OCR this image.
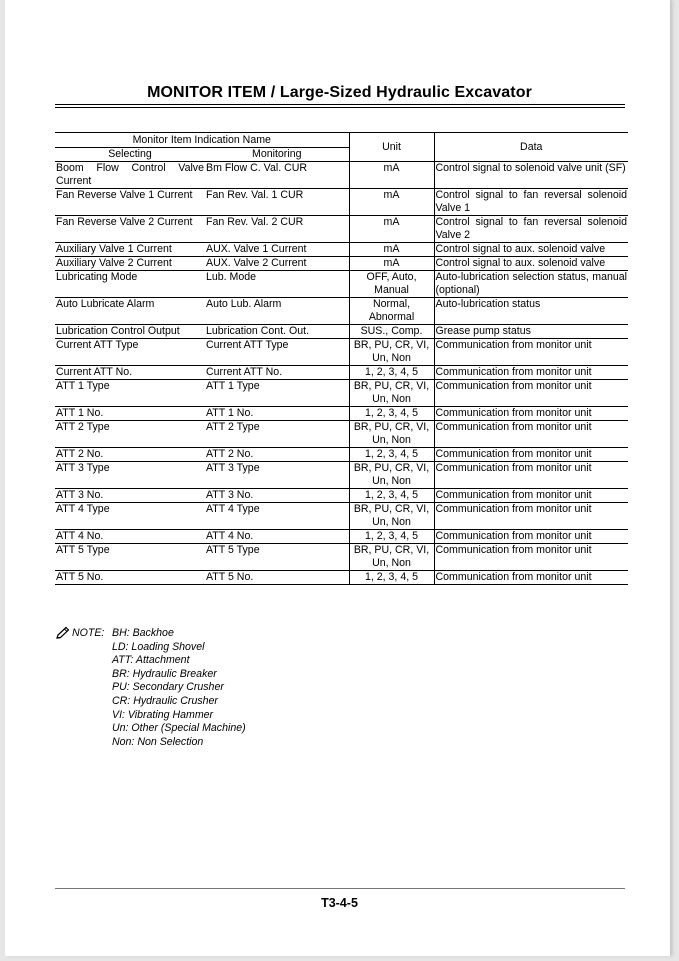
MONITOR ITEM / Large-Sized Hydraulic Excavator
Monitor Item Indication Name		Unit	Data
Selecting	Monitoring		
Boom Flow Control Valve Current	Bm Flow C. Val. CUR	mA	Control signal to solenoid valve unit (SF)
Fan Reverse Valve 1 Current	Fan Rev. Val. 1 CUR	mA	Control signal to fan reversal solenoid Valve 1
Fan Reverse Valve 2 Current	Fan Rev. Val. 2 CUR	mA	Control signal to fan reversal solenoid Valve 2
Auxiliary Valve 1 Current	AUX. Valve 1 Current	mA	Control signal to aux. solenoid valve
Auxiliary Valve 2 Current	AUX. Valve 2 Current	mA	Control signal to aux. solenoid valve
Lubricating Mode	Lub. Mode	OFF, Auto, Manual	Auto-lubrication selection status, manual (optional)
Auto Lubricate Alarm	Auto Lub. Alarm	Normal, Abnormal	Auto-lubrication status
Lubrication Control Output	Lubrication Cont. Out.	SUS., Comp.	Grease pump status
Current ATT Type	Current ATT Type	BR, PU, CR, VI, Un, Non	Communication from monitor unit
Current ATT No.	Current ATT No.	1, 2, 3, 4, 5	Communication from monitor unit
ATT 1 Type	ATT 1 Type	BR, PU, CR, VI, Un, Non	Communication from monitor unit
ATT 1 No.	ATT 1 No.	1, 2, 3, 4, 5	Communication from monitor unit
ATT 2 Type	ATT 2 Type	BR, PU, CR, VI, Un, Non	Communication from monitor unit
ATT 2 No.	ATT 2 No.	1, 2, 3, 4, 5	Communication from monitor unit
ATT 3 Type	ATT 3 Type	BR, PU, CR, VI, Un, Non	Communication from monitor unit
ATT 3 No.	ATT 3 No.	1, 2, 3, 4, 5	Communication from monitor unit
ATT 4 Type	ATT 4 Type	BR, PU, CR, VI, Un, Non	Communication from monitor unit
ATT 4 No.	ATT 4 No.	1, 2, 3, 4, 5	Communication from monitor unit
ATT 5 Type	ATT 5 Type	BR, PU, CR, VI, Un, Non	Communication from monitor unit
ATT 5 No.	ATT 5 No.	1, 2, 3, 4, 5	Communication from monitor unit
NOTE: BH: Backhoe
LD: Loading Shovel
ATT: Attachment
BR: Hydraulic Breaker
PU: Secondary Crusher
CR: Hydraulic Crusher
VI: Vibrating Hammer
Un: Other (Special Machine)
Non: Non Selection
T3-4-5
